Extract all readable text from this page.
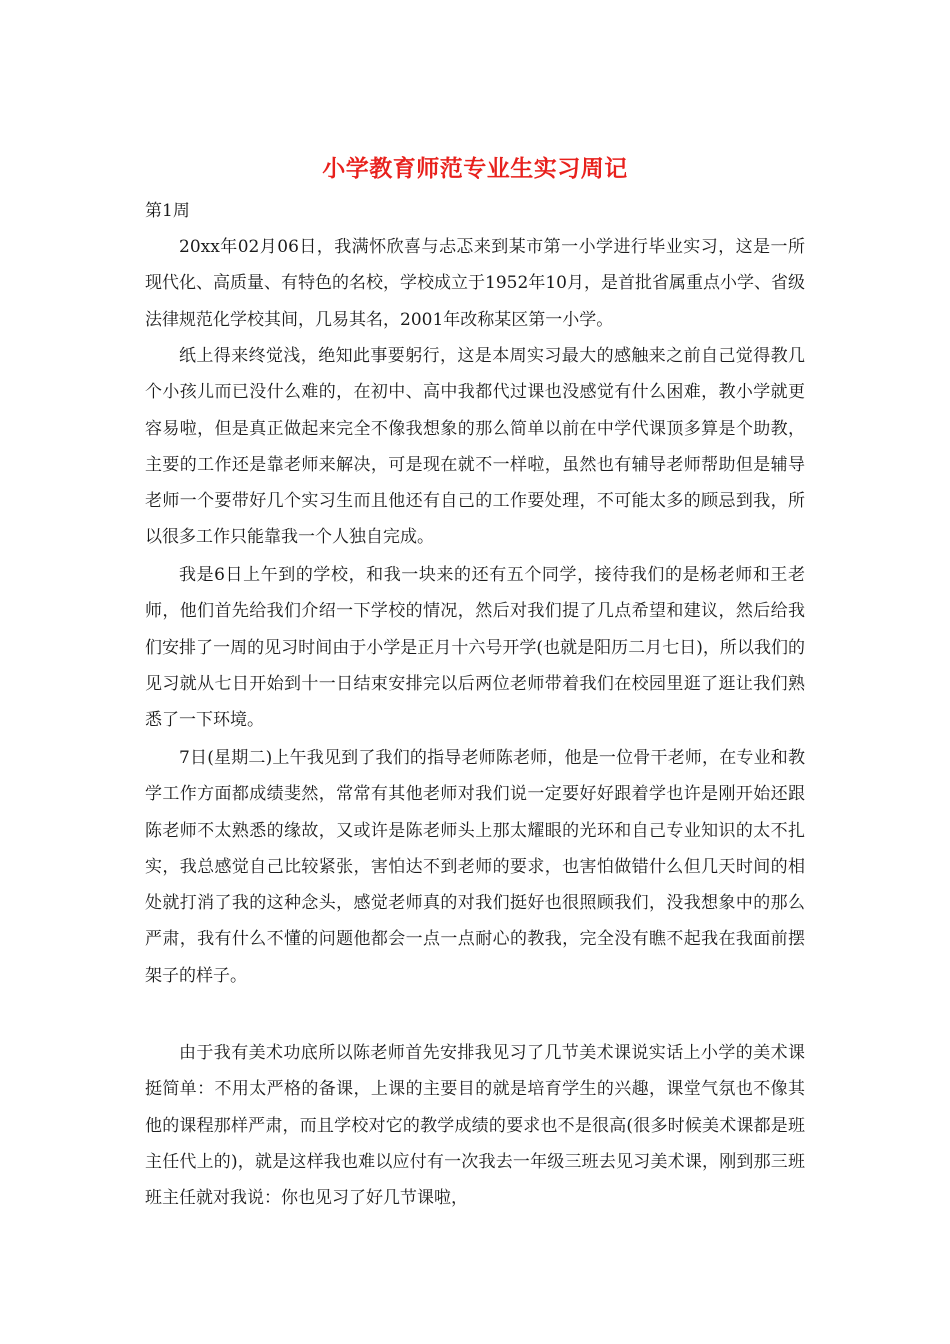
小学教育师范专业生实习周记
第1周

20xx年02月06日，我满怀欣喜与忐忑来到某市第一小学进行毕业实习，这是一所现代化、高质量、有特色的名校，学校成立于1952年10月，是首批省属重点小学、省级法律规范化学校其间，几易其名，2001年改称某区第一小学。

纸上得来终觉浅，绝知此事要躬行，这是本周实习最大的感触来之前自己觉得教几个小孩儿而已没什么难的，在初中、高中我都代过课也没感觉有什么困难，教小学就更容易啦，但是真正做起来完全不像我想象的那么简单以前在中学代课顶多算是个助教，主要的工作还是靠老师来解决，可是现在就不一样啦，虽然也有辅导老师帮助但是辅导老师一个要带好几个实习生而且他还有自己的工作要处理，不可能太多的顾忌到我，所以很多工作只能靠我一个人独自完成。

我是6日上午到的学校，和我一块来的还有五个同学，接待我们的是杨老师和王老师，他们首先给我们介绍一下学校的情况，然后对我们提了几点希望和建议，然后给我们安排了一周的见习时间由于小学是正月十六号开学(也就是阳历二月七日)，所以我们的见习就从七日开始到十一日结束安排完以后两位老师带着我们在校园里逛了逛让我们熟悉了一下环境。

7日(星期二)上午我见到了我们的指导老师陈老师，他是一位骨干老师，在专业和教学工作方面都成绩斐然，常常有其他老师对我们说一定要好好跟着学也许是刚开始还跟陈老师不太熟悉的缘故，又或许是陈老师头上那太耀眼的光环和自己专业知识的太不扎实，我总感觉自己比较紧张，害怕达不到老师的要求，也害怕做错什么但几天时间的相处就打消了我的这种念头，感觉老师真的对我们挺好也很照顾我们，没我想象中的那么严肃，我有什么不懂的问题他都会一点一点耐心的教我，完全没有瞧不起我在我面前摆架子的样子。

由于我有美术功底所以陈老师首先安排我见习了几节美术课说实话上小学的美术课挺简单：不用太严格的备课，上课的主要目的就是培育学生的兴趣，课堂气氛也不像其他的课程那样严肃，而且学校对它的教学成绩的要求也不是很高(很多时候美术课都是班主任代上的)，就是这样我也难以应付有一次我去一年级三班去见习美术课，刚到那三班班主任就对我说：你也见习了好几节课啦，
